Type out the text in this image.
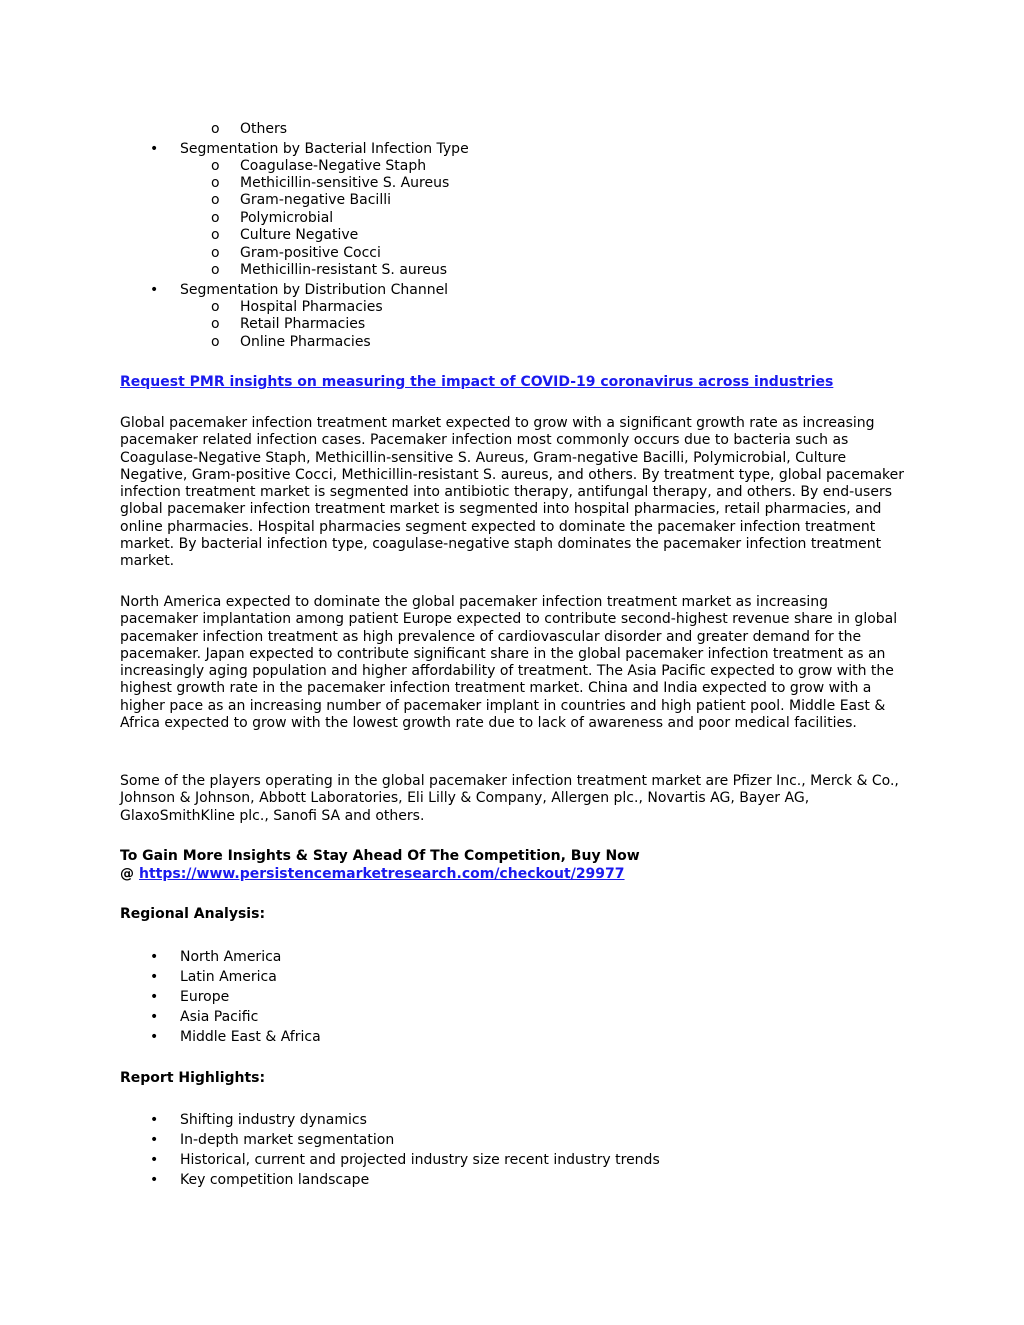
o Others
• Segmentation by Bacterial Infection Type
o Coagulase-Negative Staph
o Methicillin-sensitive S. Aureus
o Gram-negative Bacilli
o Polymicrobial
o Culture Negative
o Gram-positive Cocci
o Methicillin-resistant S. aureus
• Segmentation by Distribution Channel
o Hospital Pharmacies
o Retail Pharmacies
o Online Pharmacies
Request PMR insights on measuring the impact of COVID-19 coronavirus across industries

Global pacemaker infection treatment market expected to grow with a significant growth rate as increasing pacemaker related infection cases. Pacemaker infection most commonly occurs due to bacteria such as Coagulase-Negative Staph, Methicillin-sensitive S. Aureus, Gram-negative Bacilli, Polymicrobial, Culture Negative, Gram-positive Cocci, Methicillin-resistant S. aureus, and others. By treatment type, global pacemaker infection treatment market is segmented into antibiotic therapy, antifungal therapy, and others. By end-users global pacemaker infection treatment market is segmented into hospital pharmacies, retail pharmacies, and online pharmacies. Hospital pharmacies segment expected to dominate the pacemaker infection treatment market. By bacterial infection type, coagulase-negative staph dominates the pacemaker infection treatment market.

North America expected to dominate the global pacemaker infection treatment market as increasing pacemaker implantation among patient Europe expected to contribute second-highest revenue share in global pacemaker infection treatment as high prevalence of cardiovascular disorder and greater demand for the pacemaker. Japan expected to contribute significant share in the global pacemaker infection treatment as an increasingly aging population and higher affordability of treatment. The Asia Pacific expected to grow with the highest growth rate in the pacemaker infection treatment market. China and India expected to grow with a higher pace as an increasing number of pacemaker implant in countries and high patient pool. Middle East & Africa expected to grow with the lowest growth rate due to lack of awareness and poor medical facilities.

Some of the players operating in the global pacemaker infection treatment market are Pfizer Inc., Merck & Co., Johnson & Johnson, Abbott Laboratories, Eli Lilly & Company, Allergen plc., Novartis AG, Bayer AG, GlaxoSmithKline plc., Sanofi SA and others.

To Gain More Insights & Stay Ahead Of The Competition, Buy Now
@ https://www.persistencemarketresearch.com/checkout/29977
Regional Analysis:
• North America
• Latin America
• Europe
• Asia Pacific
• Middle East & Africa
Report Highlights:
• Shifting industry dynamics
• In-depth market segmentation
• Historical, current and projected industry size recent industry trends
• Key competition landscape
